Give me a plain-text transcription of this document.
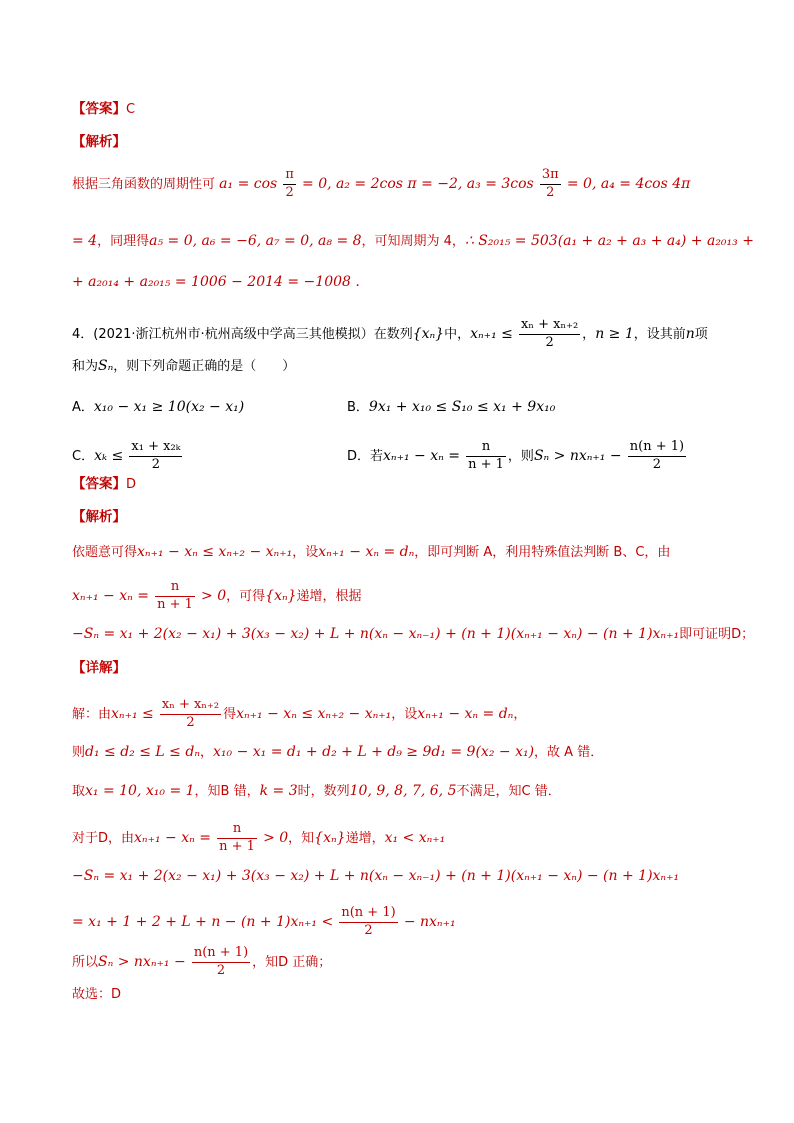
【答案】C
【解析】
根据三角函数的周期性可 $a_1 = \cos \frac{\pi}{2} = 0$, a₂ = 2cos π = −2, $a_3 = 3\cos \frac{3\pi}{2} = 0$, a₄ = 4cos 4π
= 4，同理得a₅ = 0, a₆ = −6, a₇ = 0, a₈ = 8，可知周期为 4，∴ S₂₀₁₅ = 503(a₁ + a₂ + a₃ + a₄) + a₂₀₁₃ +
+ a₂₀₁₄ + a₂₀₁₅ = 1006 − 2014 = −1008 .
4．(2021·浙江杭州市·杭州高级中学高三其他模拟）在数列{xₙ}中，$x_{n+1} \le \frac{\text{xₙ + xₙ₊₂}}{2}$ ，n ≥ 1，设其前n项
和为Sₙ，则下列命题正确的是（　　）
A．x₁₀ − x₁ ≥ 10(x₂ − x₁)	B．9x₁ + x₁₀ ≤ S₁₀ ≤ x₁ + 9x₁₀
C．$x_k \le \frac{\text{x₁ + x₂ₖ}}{2}$	D．若$x_{n+1} - x_n = \frac{n}{n + 1}$ ，则$S_n > nx_{n+1} - \frac{n(n + 1)}{2}$
【答案】D
【解析】
依题意可得xₙ₊₁ − xₙ ≤ xₙ₊₂ − xₙ₊₁，设xₙ₊₁ − xₙ = dₙ，即可判断 A，利用特殊值法判断 B、C，由
$x_{n+1} - x_n = \frac{n}{n + 1} > 0$，可得{xₙ}递增，根据
−Sₙ = x₁ + 2(x₂ − x₁) + 3(x₃ − x₂) + L + n(xₙ − xₙ₋₁) + (n + 1)(xₙ₊₁ − xₙ) − (n + 1)xₙ₊₁即可证明D；
【详解】
解：由$x_{n+1} \le \frac{\text{xₙ + xₙ₊₂}}{2}$ 得xₙ₊₁ − xₙ ≤ xₙ₊₂ − xₙ₊₁，设xₙ₊₁ − xₙ = dₙ，
则d₁ ≤ d₂ ≤ L ≤ dₙ，x₁₀ − x₁ = d₁ + d₂ + L + d₉ ≥ 9d₁ = 9(x₂ − x₁)，故 A 错．
取x₁ = 10, x₁₀ = 1，知B 错，k = 3时，数列10, 9, 8, 7, 6, 5不满足，知C 错．
对于D，由$x_{n+1} - x_n = \frac{n}{n + 1} > 0$，知{xₙ}递增，x₁ < xₙ₊₁
−Sₙ = x₁ + 2(x₂ − x₁) + 3(x₃ − x₂) + L + n(xₙ − xₙ₋₁) + (n + 1)(xₙ₊₁ − xₙ) − (n + 1)xₙ₊₁
= $x_1 + 1 + 2 + L + n - (n + 1)x_{n+1} < \frac{n(n + 1)}{2} - nx_{n+1}$
所以$S_n > nx_{n+1} - \frac{n(n + 1)}{2}$ ，知D 正确；
故选：D
